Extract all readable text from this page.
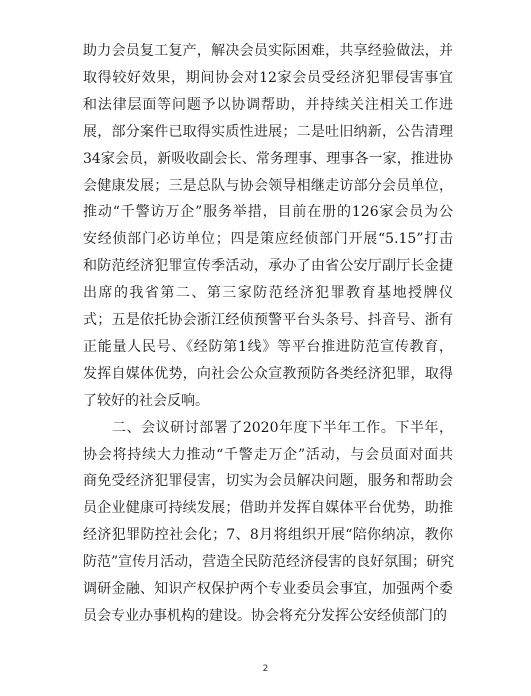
助力会员复工复产，解决会员实际困难，共享经验做法，并
取得较好效果，期间协会对12家会员受经济犯罪侵害事宜
和法律层面等问题予以协调帮助，并持续关注相关工作进
展，部分案件已取得实质性进展；二是吐旧纳新，公告清理
34家会员，新吸收副会长、常务理事、理事各一家，推进协
会健康发展；三是总队与协会领导相继走访部分会员单位，
推动“千警访万企”服务举措，目前在册的126家会员为公
安经侦部门必访单位；四是策应经侦部门开展“5.15”打击
和防范经济犯罪宣传季活动，承办了由省公安厅副厅长金捷
出席的我省第二、第三家防范经济犯罪教育基地授牌仪
式；五是依托协会浙江经侦预警平台头条号、抖音号、浙有
正能量人民号、《经防第1线》等平台推进防范宣传教育，
发挥自媒体优势，向社会公众宣教预防各类经济犯罪，取得
了较好的社会反响。
二、会议研讨部署了2020年度下半年工作。下半年，
协会将持续大力推动“千警走万企”活动，与会员面对面共
商免受经济犯罪侵害，切实为会员解决问题，服务和帮助会
员企业健康可持续发展；借助并发挥自媒体平台优势，助推
经济犯罪防控社会化；7、8月将组织开展“陪你纳凉，教你
防范”宣传月活动，营造全民防范经济侵害的良好氛围；研究
调研金融、知识产权保护两个专业委员会事宜，加强两个委
员会专业办事机构的建设。协会将充分发挥公安经侦部门的
2
